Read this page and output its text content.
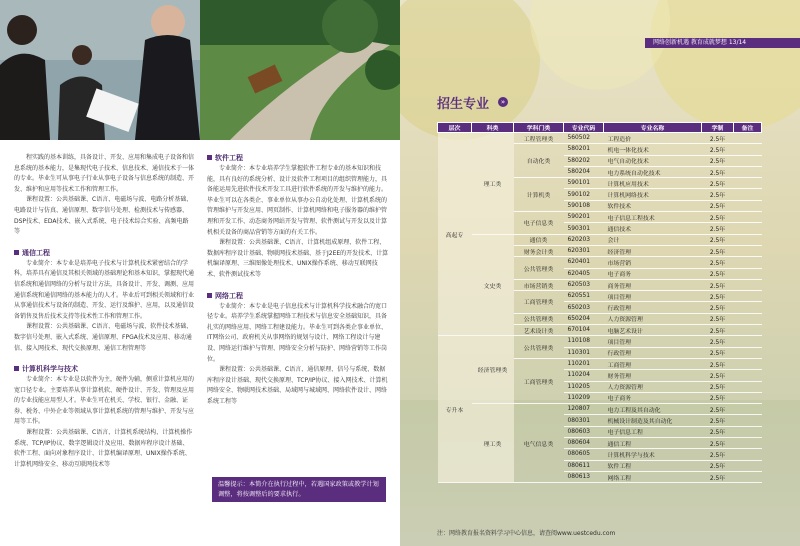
程实践的基本训练，具备设计、开发、应用和集成电子设备和信息系统的基本能力，是集现代电子技术、信息技术、通信技术于一体的专业。毕业生可从事电子行业从事电子设备与信息系统的制造、开发、维护和应用等技术工作和管理工作。
课程设置：公共基础课、C语言、电磁场与波、电路分析基础、电路设计与仿真、通信原理、数字信号处理、检测技术与传感器、DSP技术、EDA技术、嵌入式系统、电子技术综合实验、高频电路等
通信工程
专业简介：本专业是培养电子技术与计算机技术紧密结合的学科，培养具有通信及其相关领域的基础理论和基本知识，掌握现代通信系统和通信网络的分析与设计方法，具备设计、开发、调测、应用通信系统和通信网络的基本能力的人才。毕业后可到相关领域和行业从事通信技术与设备的制造、开发、运行及维护、应用，以及通信设备销售及售后技术支持等技术性工作和管理工作。
课程设置：公共基础课、C语言、电磁场与波、软件技术基础、数字信号处理、嵌入式系统、通信原理、FPGA技术及应用、移动通信、接入网技术、现代交换原理、通信工程管理等
计算机科学与技术
专业简介：本专业是以软件为主，硬件为辅，侧重计算机应用的宽口径专业。主要培养从事计算机软、硬件设计、开发、管理及应用的专业技能应用型人才。毕业生可在机关、学校、银行、金融、证券、税务、中外企业等领域从事计算机系统的管理与维护、开发与应用等工作。
课程设置：公共基础课、C语言、计算机系统结构、计算机操作系统、TCP/IP协议、数字逻辑设计及应用、数据库程序设计基础、软件工程、面向对象程序设计、计算机编译原理、UNIX操作系统、计算机网络安全、移动互联网技术等
软件工程
专业简介：本专业培养学生掌握软件工程专业的基本知识和技能，具有良好的系统分析、设计及软件工程项目的组织管理能力，具备能运用先进软件技术开发工具进行软件系统的开发与维护的能力。毕业生可以在各类企、事业单位从事办公自动化处理、计算机系统的管理维护与开发应用、网页制作、计算机网络和电子服务器的维护管理和开发工作、动态商务网站开发与管理、软件测试与开发以及计算机相关设备的商品营销等方面的有关工作。
课程设置：公共基础课、C语言、计算机组成原理、软件工程、数据库程序设计基础、物联网技术基础、基于J2EE的开发技术、计算机编译原理、三维图像处理技术、UNIX操作系统、移动互联网技术、软件测试技术等
网络工程
专业简介：本专业是电子信息技术与计算机科学技术融合的宽口径专业。培养学生系统掌握网络工程技术与信息安全基础知识，具备扎实的网络应用、网络工程建设能力。毕业生可到各类企事业单位、IT网络公司、政府机关从事网络的规划与设计、网络工程设计与建设、网络运行维护与管理、网络安全分析与防护、网络营销等工作岗位。
课程设置：公共基础课、C语言、通信原理、信号与系统、数据库程序设计基础、现代交换原理、TCP/IP协议、接入网技术、计算机网络安全、物联网技术基础、局域网与城域网、网络软件设计、网络系统工程等
温馨提示：本简介在执行过程中，若遇国家政策或教学计划调整，将按调整后的要求执行。
网络创新机遇 教育成就梦想 13/14
招生专业	»
层次	科类	学科门类	专业代码	专业名称	学制	备注
高起专	理工类	工程管理类	560502	工程造价	2.5年	
		自动化类	580201	机电一体化技术	2.5年	
			580202	电气自动化技术	2.5年	
			580204	电力系统自动化技术	2.5年	
		计算机类	590101	计算机应用技术	2.5年	
			590102	计算机网络技术	2.5年	
			590108	软件技术	2.5年	
		电子信息类	590201	电子信息工程技术	2.5年	
			590301	通信技术	2.5年	
	文史类	通信类	620203	会计	2.5年	
		财务会计类	620301	经济管理	2.5年	
		公共管理类	620401	市场营销	2.5年	
			620405	电子商务	2.5年	
		市场营销类	620503	商务管理	2.5年	
		工商管理类	620551	项目管理	2.5年	
			650203	行政管理	2.5年	
		公共管理类	650204	人力资源管理	2.5年	
		艺术设计类	670104	电脑艺术设计	2.5年	
专升本	经济管理类	公共管理类	110108	项目管理	2.5年	
			110301	行政管理	2.5年	
		工商管理类	110201	工商管理	2.5年	
			110204	财务管理	2.5年	
			110205	人力资源管理	2.5年	
			110209	电子商务	2.5年	
	理工类	电气信息类	120807	电力工程及其自动化	2.5年	
			080301	机械设计制造及其自动化	2.5年	
			080603	电子信息工程	2.5年	
			080604	通信工程	2.5年	
			080605	计算机科学与技术	2.5年	
			080611	软件工程	2.5年	
			080613	网络工程	2.5年	
注：网络教育报名资料学习中心信息，请查阅www.uestcedu.com
